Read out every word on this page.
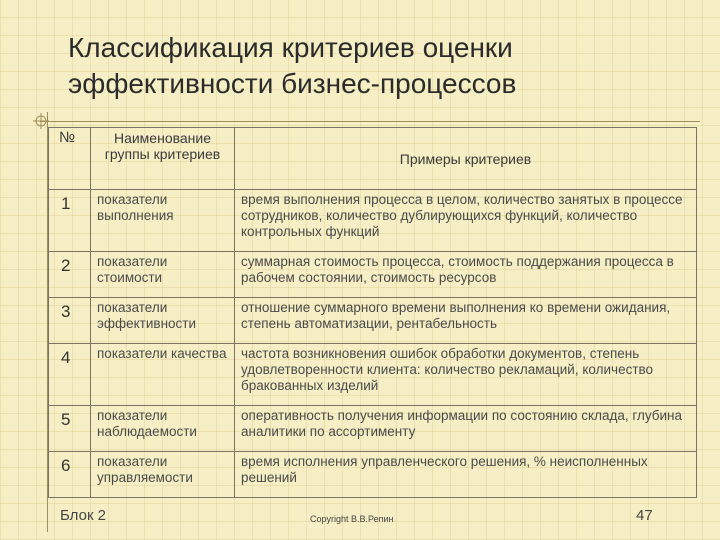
Классификация критериев оценки
эффективности бизнес-процессов
№	Наименование группы критериев	Примеры критериев
1	показатели выполнения	время выполнения процесса в целом, количество занятых в процессе сотрудников, количество дублирующихся функций, количество контрольных функций
2	показатели стоимости	суммарная стоимость процесса, стоимость поддержания процесса в рабочем состоянии, стоимость ресурсов
3	показатели эффективности	отношение суммарного времени выполнения ко времени ожидания, степень автоматизации, рентабельность
4	показатели качества	частота возникновения ошибок обработки документов, степень удовлетворенности клиента: количество рекламаций, количество бракованных изделий
5	показатели наблюдаемости	оперативность получения информации по состоянию склада, глубина аналитики по ассортименту
6	показатели управляемости	время исполнения управленческого решения, % неисполненных решений
Блок 2	Copyright В.В.Репин	47
